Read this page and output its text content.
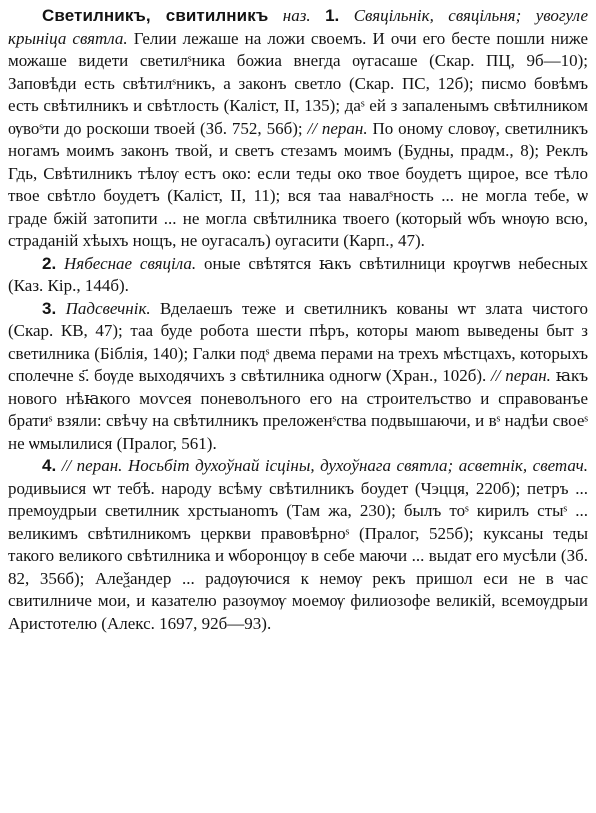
Светилникъ, свитилникъ наз. 1. Свяцільнік, свяцільня; увогуле крыніца святла. Гелии лежаше на ложи своемъ. И очи его бесте пошли ниже можаше видети светилˢника божиа внегда ѹгасаше (Скар. ПЦ, 9б—10); Заповѣди есть свѣтилˢникъ, а законъ светло (Скар. ПС, 12б); писмо бовѣмъ есть свѣтилникъ и свѣтлость (Каліст, II, 135); даˢ ей з запаленымъ свѣтилником ѹвоˢти до роскоши твоей (Зб. 752, 56б); // перан. По оному словѹ, светилникъ ногамъ моимъ законъ твой, и светъ стезамъ моимъ (Будны, прадм., 8); Реклъ Гдь, Свѣтилникъ тѣлѹ естъ око: если теды око твое боудетъ щирое, все тѣло твое свѣтло боудетъ (Каліст, II, 11); вся таа навалˢность ... не могла тебе, ѡ граде бжій затопити ... не могла свѣтилника твоего (который ѡбъ ѡнѹю всю, страданій хѣыхъ нощъ, не оугасалъ) оугасити (Карп., 47).

2. Нябеснае свяціла. оные свѣтятся ꙗкъ свѣтилници крѹгѡв небесных (Каз. Кір., 144б).

3. Падсвечнік. Вделаешъ теже и светилникъ кованы ѡт злата чистого (Скар. КВ, 47); таа буде робота шести пѣръ, которы маюm выведены быт з светилника (Біблія, 140); Галки подˢ двема перами на трехъ мѣстцахъ, которыхъ сполечне ѕ҃. бѹде выходячихъ з свѣтилника одногѡ (Хран., 102б). // перан. ꙗкъ нового нѣꙗкого моѵсея поневолъного его на строителъство и справованъе братиˢ взяли: свѣчу на свѣтилникъ преложенˢства подвышаючи, и вˢ надѣи своеˢ не ѡмылилися (Пралог, 561).

4. // перан. Носьбіт духоўнай ісціны, духоўнага святла; асветнік, светач. родивыися ѡт тебѣ. народу всѣму свѣтилникъ боудет (Чэцця, 220б); петръ ... премоудрыи светилник хрстыанomъ (Там жа, 230); былъ тоˢ кирилъ стыˢ ... великимъ свѣтилникомъ церкви правовѣрноˢ (Пралог, 525б); куксаны теды такого великого свѣтилника и ѡборонцѹ в себе маючи ... выдат его мусѣли (Зб. 82, 356б); Алеѯандер ... радѹючися к немѹ рекъ пришол еси не в час свитилниче мои, и казателю разѹмѹ моемѹ филиозофе великій, всемѹдрыи Аристотелю (Алекс. 1697, 92б—93).
